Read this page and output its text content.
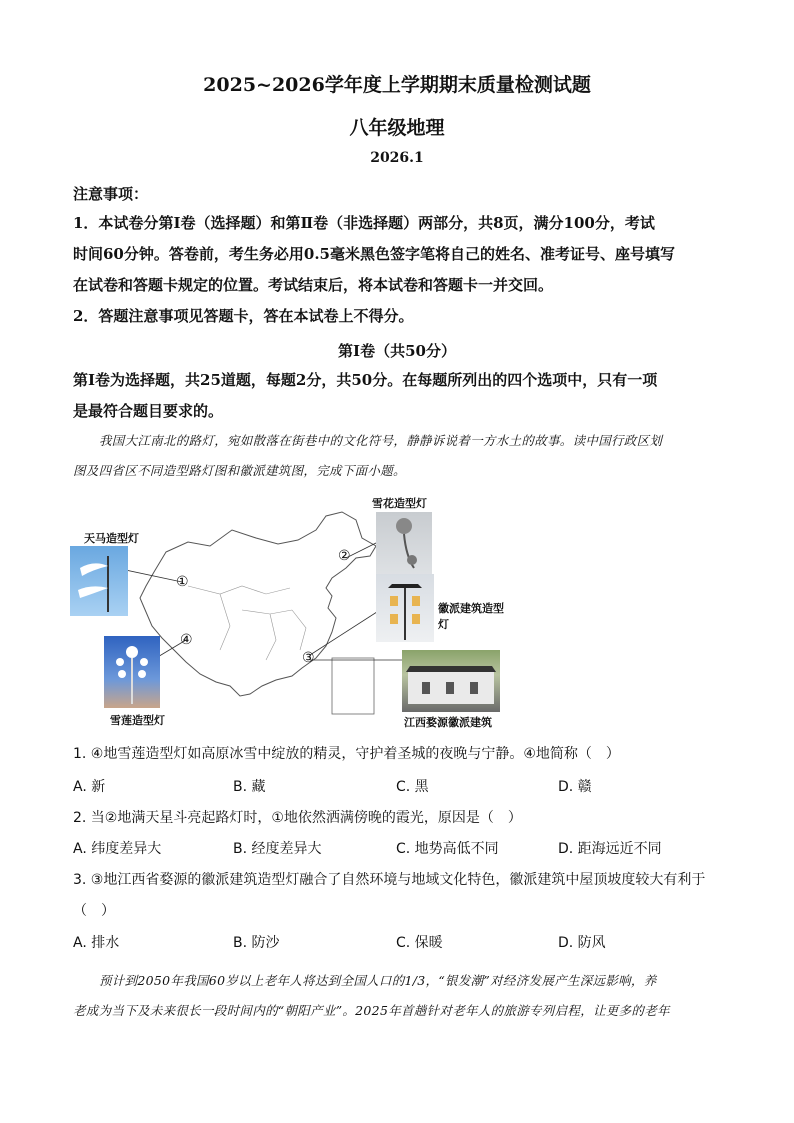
2025~2026学年度上学期期末质量检测试题
八年级地理
2026.1
注意事项：
1．本试卷分第Ⅰ卷（选择题）和第Ⅱ卷（非选择题）两部分，共8页，满分100分，考试
时间60分钟。答卷前，考生务必用0.5毫米黑色签字笔将自己的姓名、准考证号、座号填写
在试卷和答题卡规定的位置。考试结束后，将本试卷和答题卡一并交回。
2．答题注意事项见答题卡，答在本试卷上不得分。
第Ⅰ卷（共50分）
第Ⅰ卷为选择题，共25道题，每题2分，共50分。在每题所列出的四个选项中，只有一项
是最符合题目要求的。
我国大江南北的路灯，宛如散落在街巷中的文化符号，静静诉说着一方水土的故事。读中国行政区划
图及四省区不同造型路灯图和徽派建筑图，完成下面小题。
①
②
③
④
天马造型灯
雪花造型灯
徽派建筑造型灯
雪莲造型灯	江西婺源徽派建筑
1. ④地雪莲造型灯如高原冰雪中绽放的精灵，守护着圣城的夜晚与宁静。④地简称（　）
A. 新	B. 藏	C. 黑	D. 赣
2. 当②地满天星斗亮起路灯时，①地依然洒满傍晚的霞光，原因是（　）
A. 纬度差异大	B. 经度差异大	C. 地势高低不同	D. 距海远近不同
3. ③地江西省婺源的徽派建筑造型灯融合了自然环境与地域文化特色，徽派建筑中屋顶坡度较大有利于
（　）
A. 排水	B. 防沙	C. 保暖	D. 防风
预计到2050年我国60岁以上老年人将达到全国人口的1/3，“银发潮”对经济发展产生深远影响，养
老成为当下及未来很长一段时间内的“朝阳产业”。2025年首趟针对老年人的旅游专列启程，让更多的老年
